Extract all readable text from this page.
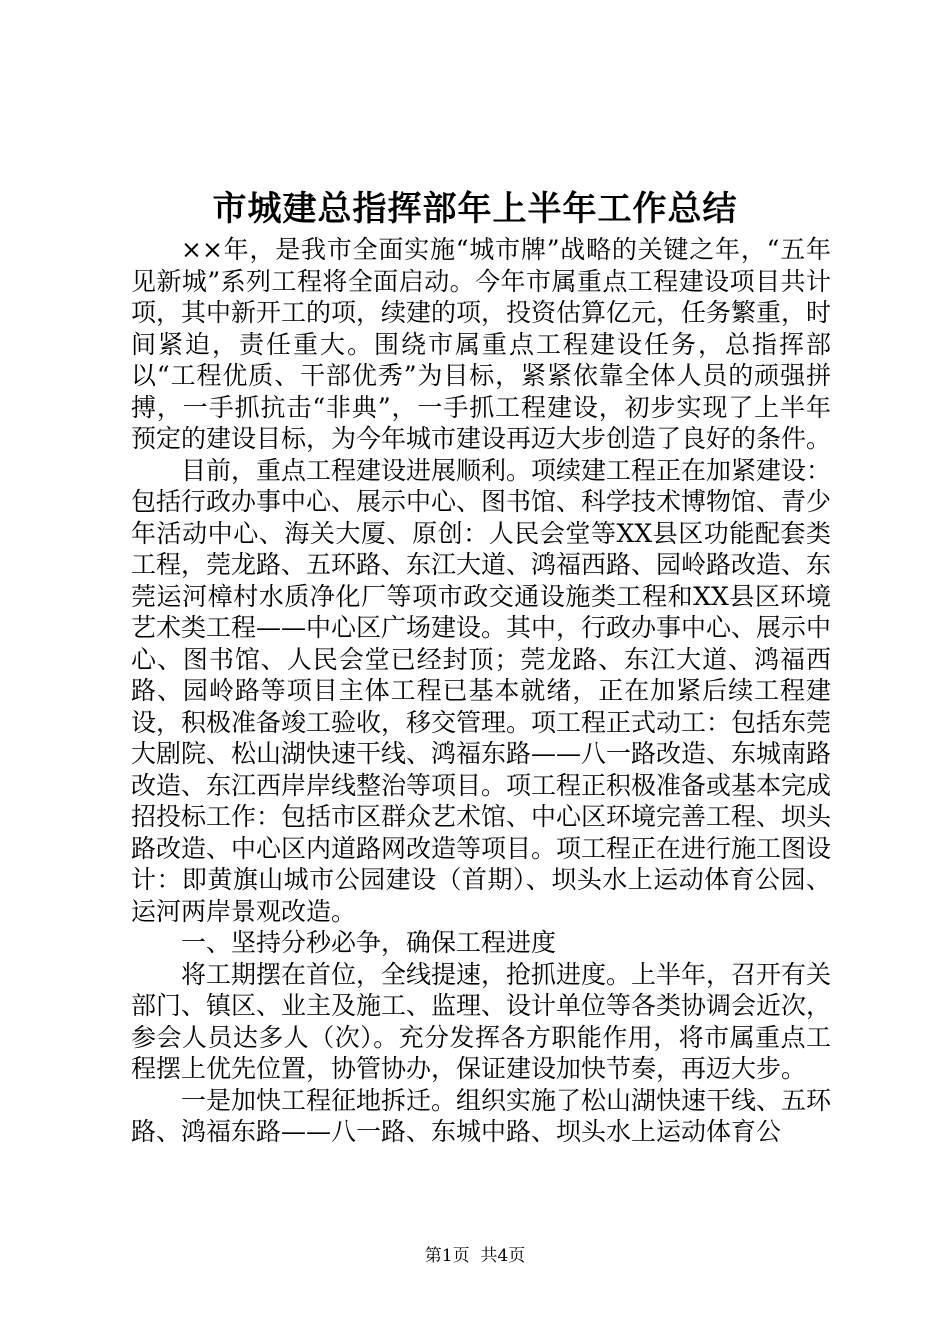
市城建总指挥部年上半年工作总结

××年，是我市全面实施“城市牌”战略的关键之年，“五年见新城”系列工程将全面启动。今年市属重点工程建设项目共计项，其中新开工的项，续建的项，投资估算亿元，任务繁重，时间紧迫，责任重大。围绕市属重点工程建设任务，总指挥部以“工程优质、干部优秀”为目标，紧紧依靠全体人员的顽强拼搏，一手抓抗击“非典”，一手抓工程建设，初步实现了上半年预定的建设目标，为今年城市建设再迈大步创造了良好的条件。

目前，重点工程建设进展顺利。项续建工程正在加紧建设：包括行政办事中心、展示中心、图书馆、科学技术博物馆、青少年活动中心、海关大厦、原创：人民会堂等XX县区功能配套类工程，莞龙路、五环路、东江大道、鸿福西路、园岭路改造、东莞运河樟村水质净化厂等项市政交通设施类工程和XX县区环境艺术类工程——中心区广场建设。其中，行政办事中心、展示中心、图书馆、人民会堂已经封顶；莞龙路、东江大道、鸿福西路、园岭路等项目主体工程已基本就绪，正在加紧后续工程建设，积极准备竣工验收，移交管理。项工程正式动工：包括东莞大剧院、松山湖快速干线、鸿福东路——八一路改造、东城南路改造、东江西岸岸线整治等项目。项工程正积极准备或基本完成招投标工作：包括市区群众艺术馆、中心区环境完善工程、坝头路改造、中心区内道路网改造等项目。项工程正在进行施工图设计：即黄旗山城市公园建设（首期）、坝头水上运动体育公园、运河两岸景观改造。

一、坚持分秒必争，确保工程进度

将工期摆在首位，全线提速，抢抓进度。上半年，召开有关部门、镇区、业主及施工、监理、设计单位等各类协调会近次，参会人员达多人（次）。充分发挥各方职能作用，将市属重点工程摆上优先位置，协管协办，保证建设加快节奏，再迈大步。

一是加快工程征地拆迁。组织实施了松山湖快速干线、五环路、鸿福东路——八一路、东城中路、坝头水上运动体育公

第1页 共4页
